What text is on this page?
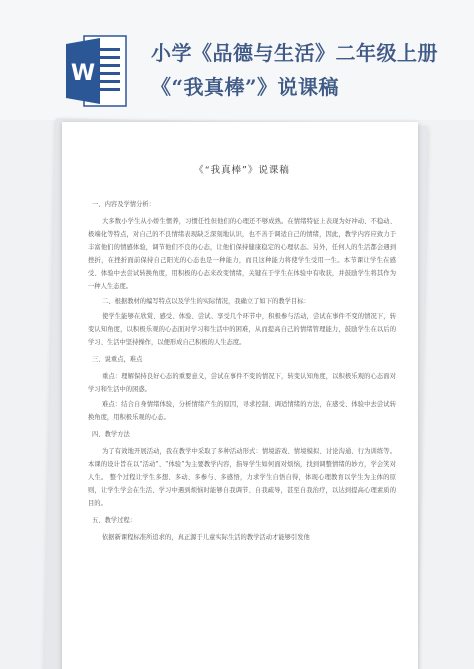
W
小学《品德与生活》二年级上册《“我真棒”》说课稿
《“我真棒”》说课稿
一、内容及学情分析：
大多数小学生从小娇生惯养，习惯任性但他们的心理还不够成熟。在情绪特征上表现为好冲动、不稳动、极端化等特点，对自己的不良情绪表现缺乏深刻地认识，也不善于调适自己的情绪，因此，教学内容应致力于丰富他们的情感体验，调节他们不良的心态，让他们保持健康稳定的心理状态。另外，任何人的生活都会遇到挫折，在挫折面前保持自己阳光的心态也是一种能力，而且这种能力将使学生受用一生。本节课让学生在感受、体验中去尝试转换角度，用积极的心态来改变情绪，关键在于学生在体验中有收获，并鼓励学生将其作为一种人生态度。
二、根据教材的编写特点以及学生的实际情况，我确立了如下的教学目标：
使学生能够在欣赏、感受、体验、尝试、享受几个环节中，积极参与活动，尝试在事件不变的情况下，转变认知角度，以积极乐观的心态面对学习和生活中的困难，从而提高自己的情绪管理能力，鼓励学生在以后的学习、生活中坚持操作，以便形成自己积极的人生态度。
三、说重点，难点
重点：理解保持良好心态的重要意义，尝试在事件不变的情况下，转变认知角度，以积极乐观的心态面对学习和生活中的困惑。
难点：结合自身情绪体验，分析情绪产生的原因，寻求控制、调适情绪的方法，在感受、体验中去尝试转换角度，用积极乐观的心态。
四、教学方法
为了有效地开展活动，我在教学中采取了多种活动形式：情境游戏、情境模拟、讨论沟通、行为训练等。本课的设计旨在以“活动”、“体验”为主要教学内容，指导学生如何面对烦恼，找到调整情绪的妙方，学会笑对人生。 整个过程让学生多想、多动、多参与、多感悟，力求学生自悟自得，体现心理教育以学生为主体的原则，让学生学会在生活、学习中遇到烦恼时能够自我调节、自我疏导，甚至自我治疗，以达到提高心理素质的目的。
五、教学过程：
依据新课程标准所追求的，真正源于儿童实际生活的教学活动才能够引发他
